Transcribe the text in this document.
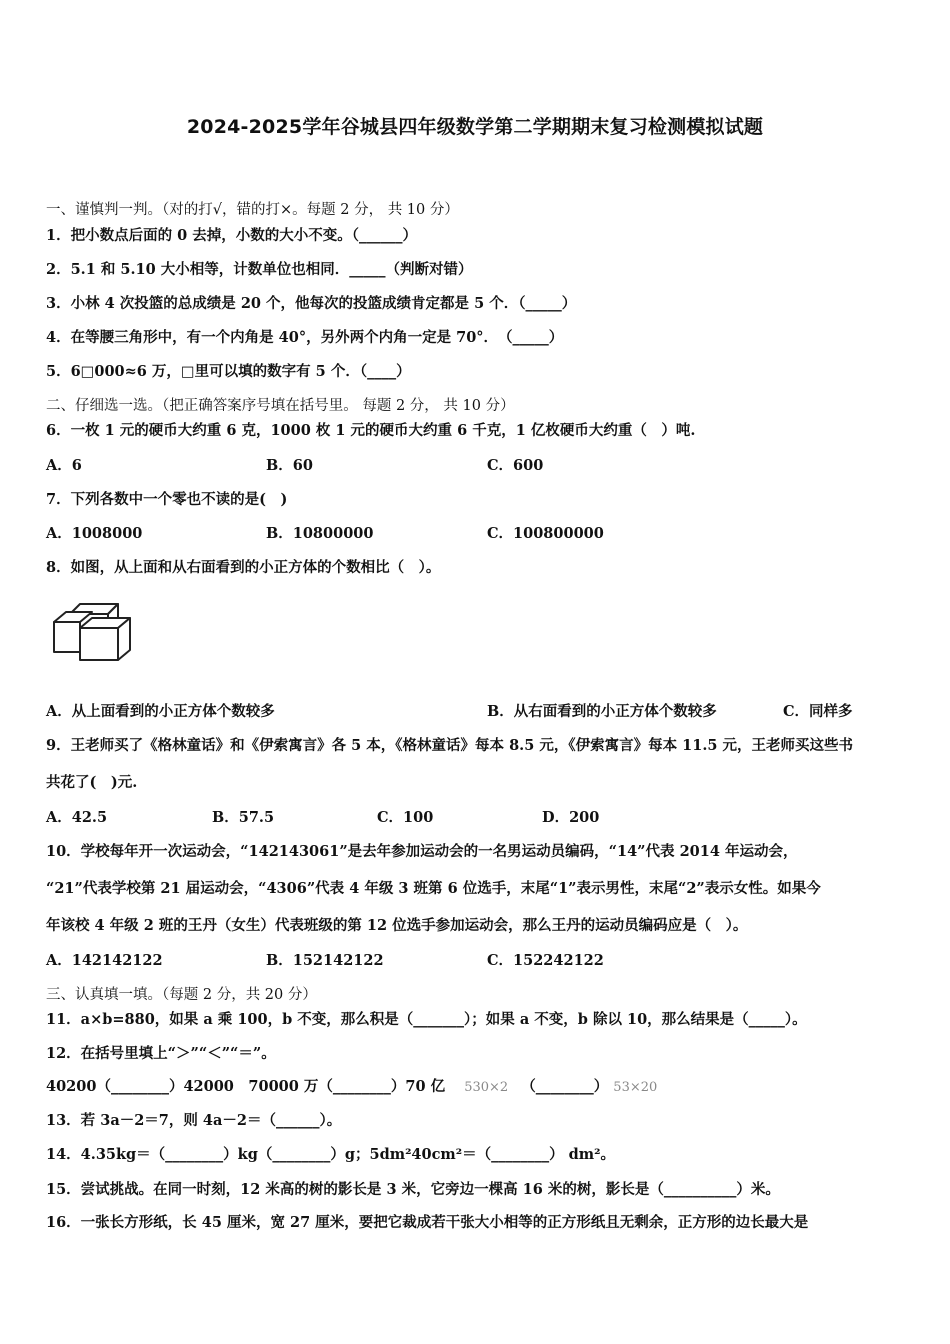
2024-2025学年谷城县四年级数学第二学期期末复习检测模拟试题
一、谨慎判一判。（对的打√，错的打×。每题 2 分， 共 10 分）
1．把小数点后面的 0 去掉，小数的大小不变。（______）
2．5.1 和 5.10 大小相等，计数单位也相同．_____（判断对错）
3．小林 4 次投篮的总成绩是 20 个，他每次的投篮成绩肯定都是 5 个．（_____）
4．在等腰三角形中，有一个内角是 40°，另外两个内角一定是 70°．　（_____）
5．6□000≈6 万，□里可以填的数字有 5 个．（____）
二、仔细选一选。（把正确答案序号填在括号里。 每题 2 分， 共 10 分）
6．一枚 1 元的硬币大约重 6 克，1000 枚 1 元的硬币大约重 6 千克，1 亿枚硬币大约重（　）吨.
A．6	B．60	C．600
7．下列各数中一个零也不读的是(　)
A．1008000	B．10800000	C．100800000
8．如图，从上面和从右面看到的小正方体的个数相比（　）。
A．从上面看到的小正方体个数较多	B．从右面看到的小正方体个数较多	C．同样多
9．王老师买了《格林童话》和《伊索寓言》各 5 本，《格林童话》每本 8.5 元，《伊索寓言》每本 11.5 元，王老师买这些书
共花了(　)元.
A．42.5	B．57.5	C．100	D．200
10．学校每年开一次运动会，“142143061”是去年参加运动会的一名男运动员编码，“14”代表 2014 年运动会，
“21”代表学校第 21 届运动会，“4306”代表 4 年级 3 班第 6 位选手，末尾“1”表示男性，末尾“2”表示女性。如果今
年该校 4 年级 2 班的王丹（女生）代表班级的第 12 位选手参加运动会，那么王丹的运动员编码应是（　）。
A．142142122	B．152142122	C．152242122
三、认真填一填。（每题 2 分，共 20 分）
11．a×b=880，如果 a 乘 100，b 不变，那么积是（_______）；如果 a 不变，b 除以 10，那么结果是（_____）。
12．在括号里填上“＞”“＜”“＝”。
40200（________）42000　70000 万（________）70 亿 530×2 （________） 53×20
13．若 3a－2＝7，则 4a－2＝（______）。
14．4.35kg＝（________）kg（________）g；5dm²40cm²＝（________） dm²。
15．尝试挑战。在同一时刻，12 米高的树的影长是 3 米，它旁边一棵高 16 米的树，影长是（__________）米。
16．一张长方形纸，长 45 厘米，宽 27 厘米，要把它裁成若干张大小相等的正方形纸且无剩余，正方形的边长最大是
